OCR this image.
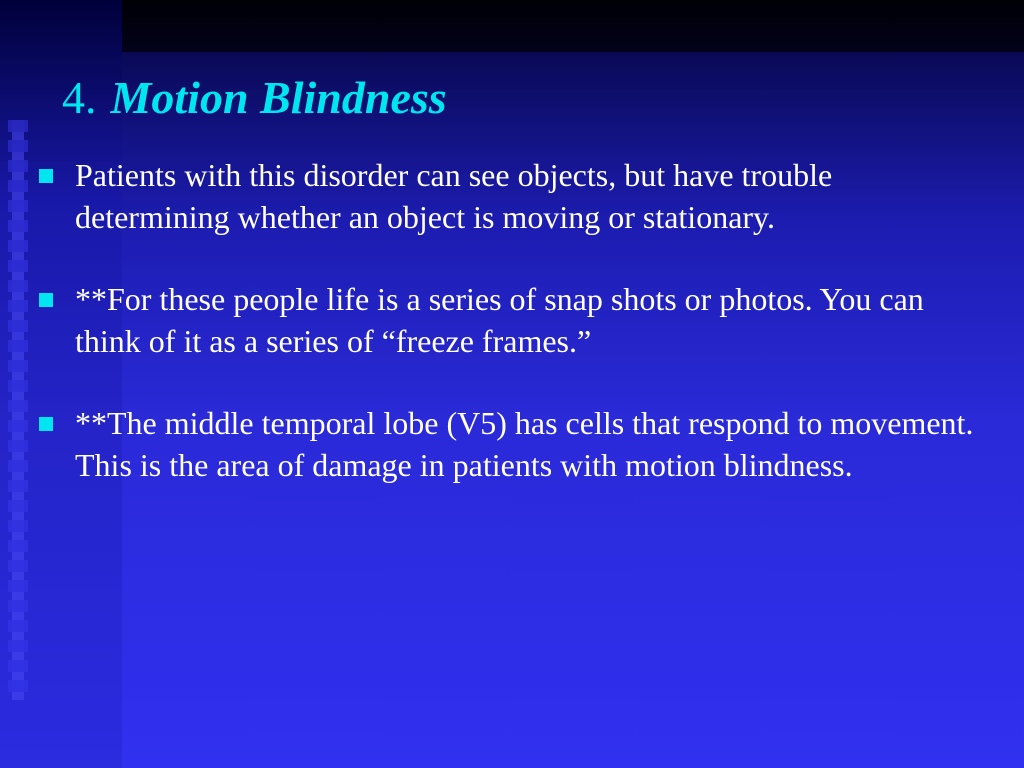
4. Motion Blindness
Patients with this disorder can see objects, but have trouble determining whether an object is moving or stationary.
**For these people life is a series of snap shots or photos. You can think of it as a series of “freeze frames.”
**The middle temporal lobe (V5) has cells that respond to movement. This is the area of damage in patients with motion blindness.
